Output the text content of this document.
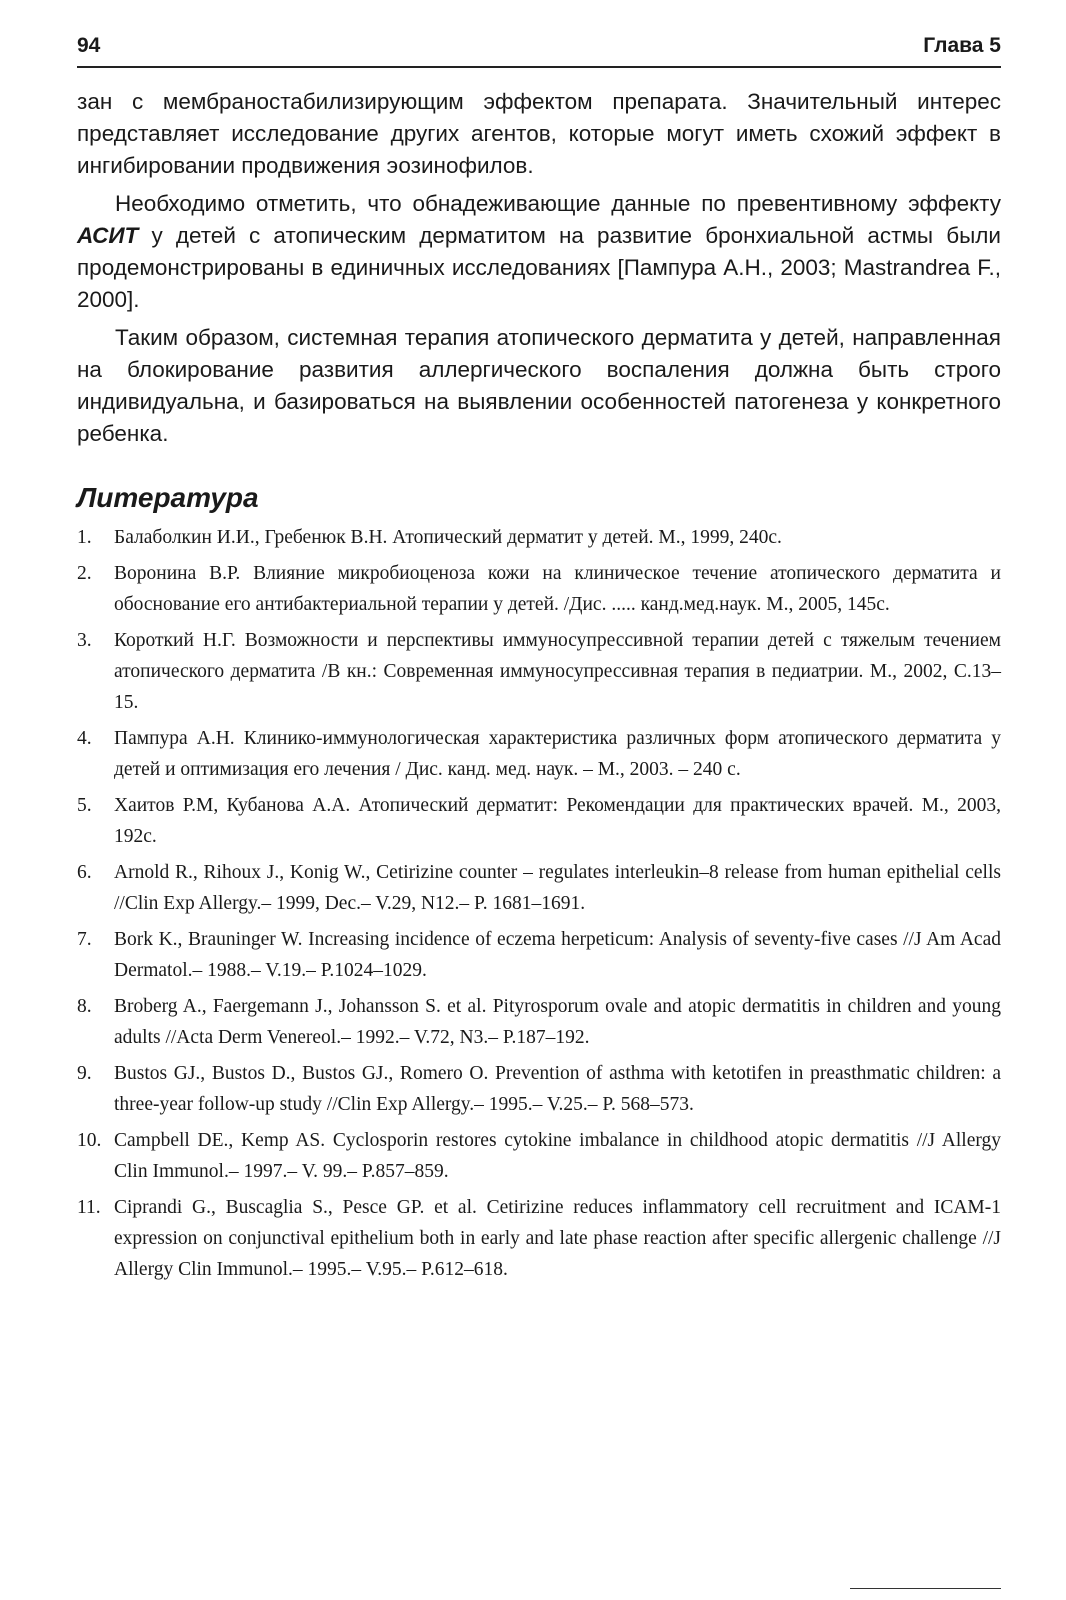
94	Глава 5

зан с мембраностабилизирующим эффектом препарата. Значительный интерес представляет исследование других агентов, которые могут иметь схожий эффект в ингибировании продвижения эозинофилов.

Необходимо отметить, что обнадеживающие данные по превентивному эффекту АСИТ у детей с атопическим дерматитом на развитие бронхиальной астмы были продемонстрированы в единичных исследованиях [Пампура А.Н., 2003; Mastrandrea F., 2000].

Таким образом, системная терапия атопического дерматита у детей, направленная на блокирование развития аллергического воспаления должна быть строго индивидуальна, и базироваться на выявлении особенностей патогенеза у конкретного ребенка.

Литература
1. Балаболкин И.И., Гребенюк В.Н. Атопический дерматит у детей. М., 1999, 240с.
2. Воронина В.Р. Влияние микробиоценоза кожи на клиническое течение атопического дерматита и обоснование его антибактериальной терапии у детей. /Дис. ..... канд.мед.наук. М., 2005, 145с.
3. Короткий Н.Г. Возможности и перспективы иммуносупрессивной терапии детей с тяжелым течением атопического дерматита /В кн.: Современная иммуносупрессивная терапия в педиатрии. М., 2002, С.13–15.
4. Пампура А.Н. Клинико-иммунологическая характеристика различных форм атопического дерматита у детей и оптимизация его лечения / Дис. канд. мед. наук. – М., 2003. – 240 с.
5. Хаитов Р.М, Кубанова А.А. Атопический дерматит: Рекомендации для практических врачей. М., 2003, 192с.
6. Arnold R., Rihoux J., Konig W., Cetirizine counter – regulates interleukin–8 release from human epithelial cells //Clin Exp Allergy.– 1999, Dec.– V.29, N12.– P. 1681–1691.
7. Bork K., Brauninger W. Increasing incidence of eczema herpeticum: Analysis of seventy-five cases //J Am Acad Dermatol.– 1988.– V.19.– P.1024–1029.
8. Broberg A., Faergemann J., Johansson S. et al. Pityrosporum ovale and atopic dermatitis in children and young adults //Acta Derm Venereol.– 1992.– V.72, N3.– P.187–192.
9. Bustos GJ., Bustos D., Bustos GJ., Romero O. Prevention of asthma with ketotifen in preasthmatic children: a three-year follow-up study //Clin Exp Allergy.– 1995.– V.25.– P. 568–573.
10. Campbell DE., Kemp AS. Cyclosporin restores cytokine imbalance in childhood atopic dermatitis //J Allergy Clin Immunol.– 1997.– V. 99.– P.857–859.
11. Ciprandi G., Buscaglia S., Pesce GP. et al. Cetirizine reduces inflammatory cell recruitment and ICAM-1 expression on conjunctival epithelium both in early and late phase reaction after specific allergenic challenge //J Allergy Clin Immunol.– 1995.– V.95.– P.612–618.
